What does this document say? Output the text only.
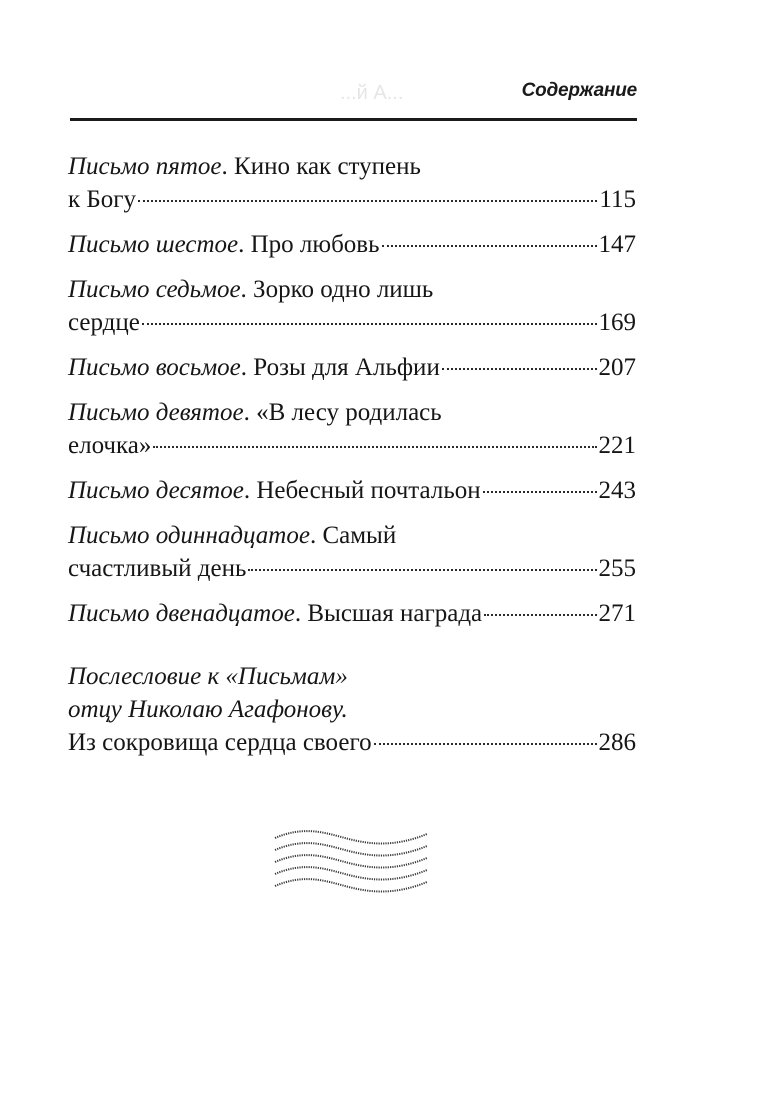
...й А...	Содержание
Письмо пятое . Кино как ступень
к Богу	115
Письмо шестое . Про любовь	147
Письмо седьмое . Зорко одно лишь
сердце	169
Письмо восьмое . Розы для Альфии	207
Письмо девятое . «В лесу родилась
елочка»	221
Письмо десятое . Небесный почтальон	243
Письмо одиннадцатое . Самый
счастливый день	255
Письмо двенадцатое . Высшая награда	271
Послесловие к «Письмам»
отцу Николаю Агафонову.
Из сокровища сердца своего	286
